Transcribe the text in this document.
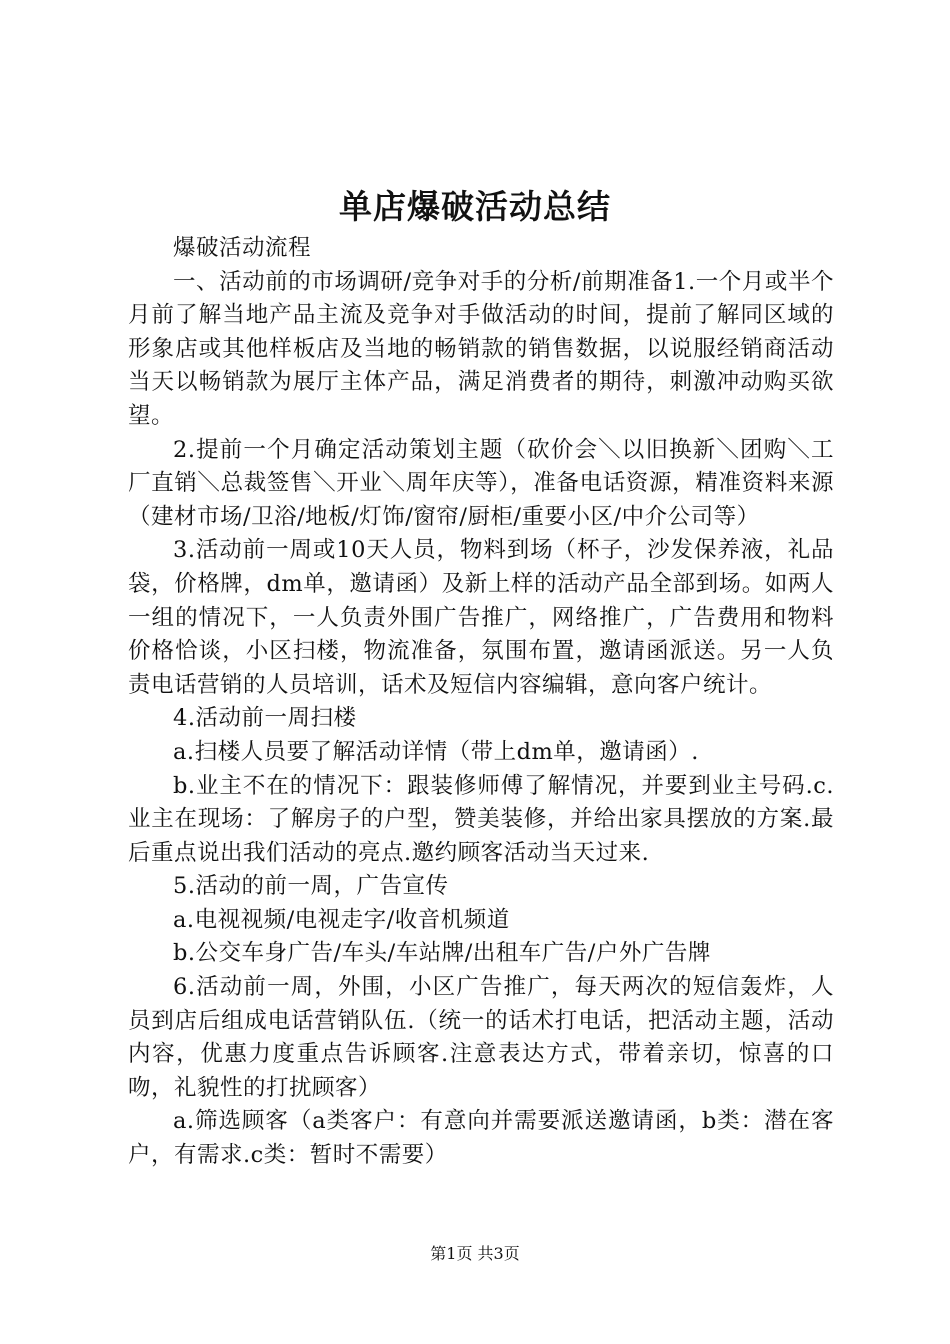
单店爆破活动总结

爆破活动流程

一、活动前的市场调研/竞争对手的分析/前期准备1.一个月或半个月前了解当地产品主流及竞争对手做活动的时间，提前了解同区域的形象店或其他样板店及当地的畅销款的销售数据，以说服经销商活动当天以畅销款为展厅主体产品，满足消费者的期待，刺激冲动购买欲望。

2.提前一个月确定活动策划主题（砍价会＼以旧换新＼团购＼工厂直销＼总裁签售＼开业＼周年庆等），准备电话资源，精准资料来源（建材市场/卫浴/地板/灯饰/窗帘/厨柜/重要小区/中介公司等）

3.活动前一周或10天人员，物料到场（杯子，沙发保养液，礼品袋，价格牌，dm单，邀请函）及新上样的活动产品全部到场。如两人一组的情况下，一人负责外围广告推广，网络推广，广告费用和物料价格恰谈，小区扫楼，物流准备，氛围布置，邀请函派送。另一人负责电话营销的人员培训，话术及短信内容编辑，意向客户统计。

4.活动前一周扫楼

a.扫楼人员要了解活动详情（带上dm单，邀请函）.

b.业主不在的情况下：跟装修师傅了解情况，并要到业主号码.c.业主在现场：了解房子的户型，赞美装修，并给出家具摆放的方案.最后重点说出我们活动的亮点.邀约顾客活动当天过来.

5.活动的前一周，广告宣传

a.电视视频/电视走字/收音机频道

b.公交车身广告/车头/车站牌/出租车广告/户外广告牌

6.活动前一周，外围，小区广告推广，每天两次的短信轰炸，人员到店后组成电话营销队伍.（统一的话术打电话，把活动主题，活动内容，优惠力度重点告诉顾客.注意表达方式，带着亲切，惊喜的口吻，礼貌性的打扰顾客）

a.筛选顾客（a类客户：有意向并需要派送邀请函，b类：潜在客户，有需求.c类：暂时不需要）

第1页 共3页
